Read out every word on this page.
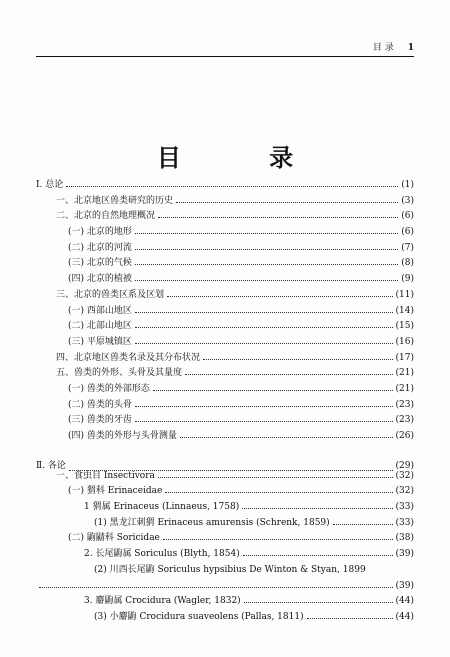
目 录 1
目 录
Ⅰ. 总论	(1)
一、北京地区兽类研究的历史	(3)
二、北京的自然地理概况	(6)
(一) 北京的地形	(6)
(二) 北京的河流	(7)
(三) 北京的气候	(8)
(四) 北京的植被	(9)
三、北京的兽类区系及区划	(11)
(一) 西部山地区	(14)
(二) 北部山地区	(15)
(三) 平原城镇区	(16)
四、北京地区兽类名录及其分布状况	(17)
五、兽类的外形、头骨及其量度	(21)
(一) 兽类的外部形态	(21)
(二) 兽类的头骨	(23)
(三) 兽类的牙齿	(23)
(四) 兽类的外形与头骨测量	(26)
Ⅱ. 各论	(29)
一、食虫目 Insectivora	(32)
(一) 猬科 Erinaceidae	(32)
1 猬属 Erinaceus (Linnaeus, 1758)	(33)
(1) 黑龙江刺猬 Erinaceus amurensis (Schrenk, 1859)	(33)
(二) 鼩鼱科 Soricidae	(38)
2. 长尾鼩属 Soriculus (Blyth, 1854)	(39)
(2) 川西长尾鼩 Soriculus hypsibius De Winton & Styan, 1899
(39)
3. 麝鼩属 Crocidura (Wagler, 1832)	(44)
(3) 小麝鼩 Crocidura suaveolens (Pallas, 1811)	(44)
